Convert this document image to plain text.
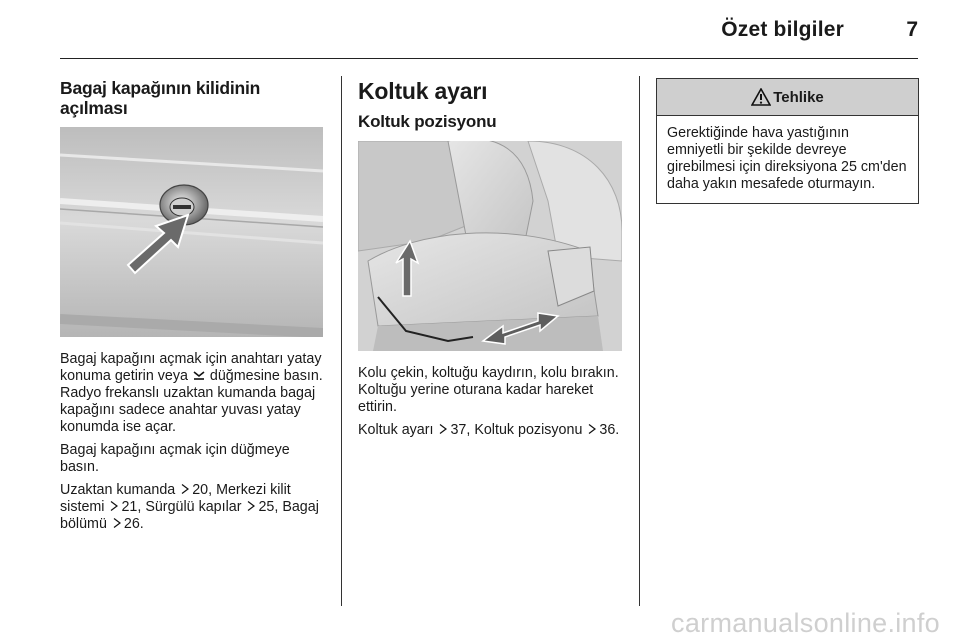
Özet bilgiler	7
Bagaj kapağının kilidinin açılması

Bagaj kapağını açmak için anahtarı yatay konuma getirin veya  düğmesine basın. Radyo frekanslı uzaktan kumanda bagaj kapağını sadece anahtar yuvası yatay konumda ise açar.

Bagaj kapağını açmak için düğmeye basın.

Uzaktan kumanda 20, Merkezi kilit sistemi 21, Sürgülü kapılar 25, Bagaj bölümü 26.

Koltuk ayarı
Koltuk pozisyonu

Kolu çekin, koltuğu kaydırın, kolu bırakın. Koltuğu yerine oturana kadar hareket ettirin.

Koltuk ayarı 37, Koltuk pozisyonu 36.

Tehlike
Gerektiğinde hava yastığının emniyetli bir şekilde devreye girebilmesi için direksiyona 25 cm'den daha yakın mesafede oturmayın.
carmanualsonline.info
